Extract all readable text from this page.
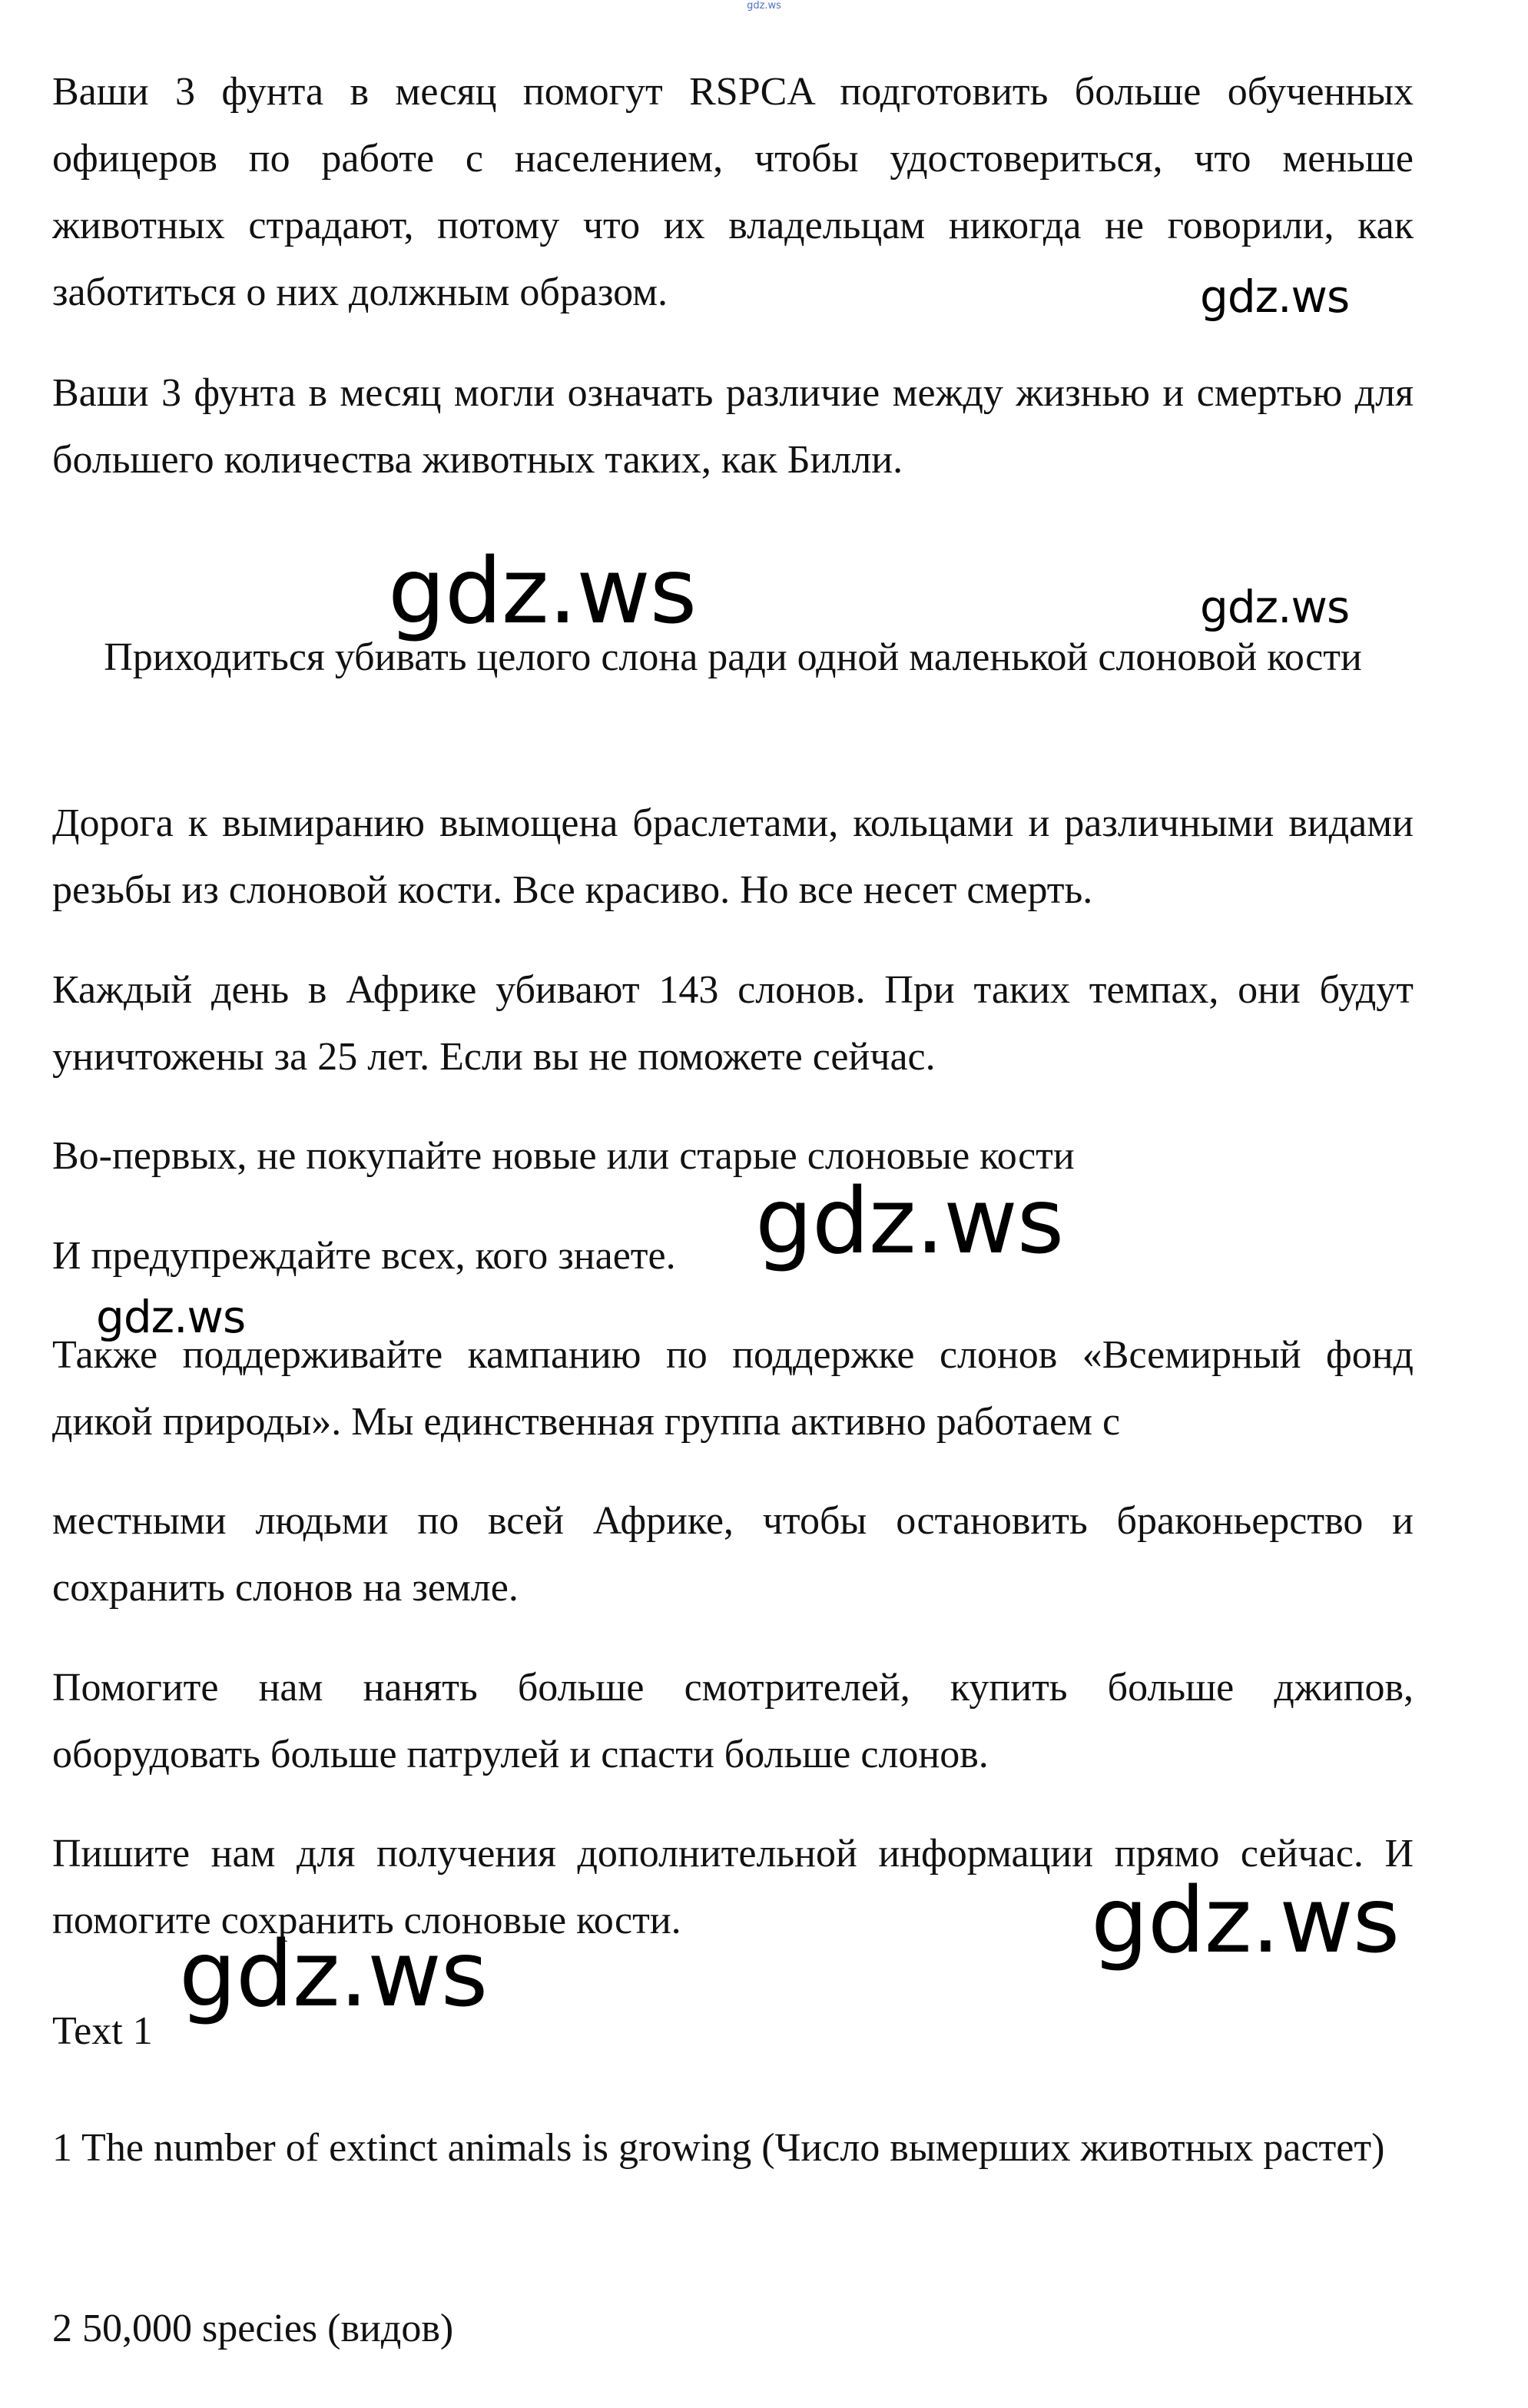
gdz.ws

Ваши 3 фунта в месяц помогут RSPCA подготовить больше обученных офицеров по работе с населением, чтобы удостовериться, что меньше животных страдают, потому что их владельцам никогда не говорили, как заботиться о них должным образом.

Ваши 3 фунта в месяц могли означать различие между жизнью и смертью для большего количества животных таких, как Билли.

Приходиться убивать целого слона ради одной маленькой слоновой кости

Дорога к вымиранию вымощена браслетами, кольцами и различными видами резьбы из слоновой кости. Все красиво. Но все несет смерть.

Каждый день в Африке убивают 143 слонов. При таких темпах, они будут уничтожены за 25 лет. Если вы не поможете сейчас.

Во-первых, не покупайте новые или старые слоновые кости

И предупреждайте всех, кого знаете.

Также поддерживайте кампанию по поддержке слонов «Всемирный фонд дикой природы». Мы единственная группа активно работаем с

местными людьми по всей Африке, чтобы остановить браконьерство и сохранить слонов на земле.

Помогите нам нанять больше смотрителей, купить больше джипов, оборудовать больше патрулей и спасти больше слонов.

Пишите нам для получения дополнительной информации прямо сейчас. И помогите сохранить слоновые кости.

Text 1

1 The number of extinct animals is growing (Число вымерших животных растет)

2 50,000 species (видов)

gdz.ws
gdz.ws	gdz.ws
gdz.ws
gdz.ws
gdz.ws
gdz.ws
